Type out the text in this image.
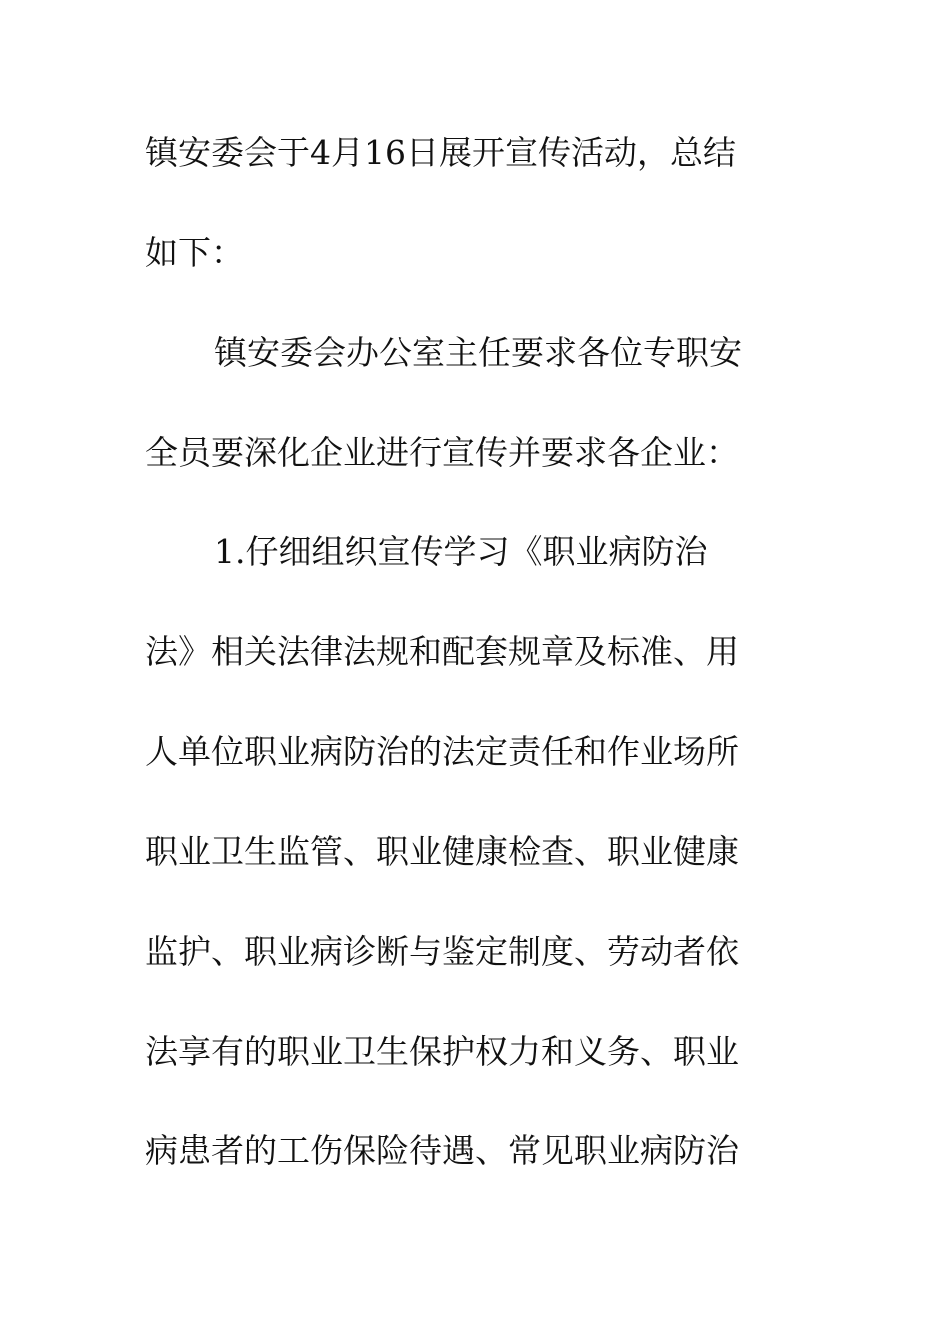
镇安委会于4月16日展开宣传活动，总结

如下：

镇安委会办公室主任要求各位专职安

全员要深化企业进行宣传并要求各企业：

1.仔细组织宣传学习《职业病防治

法》相关法律法规和配套规章及标准、用

人单位职业病防治的法定责任和作业场所

职业卫生监管、职业健康检查、职业健康

监护、职业病诊断与鉴定制度、劳动者依

法享有的职业卫生保护权力和义务、职业

病患者的工伤保险待遇、常见职业病防治
